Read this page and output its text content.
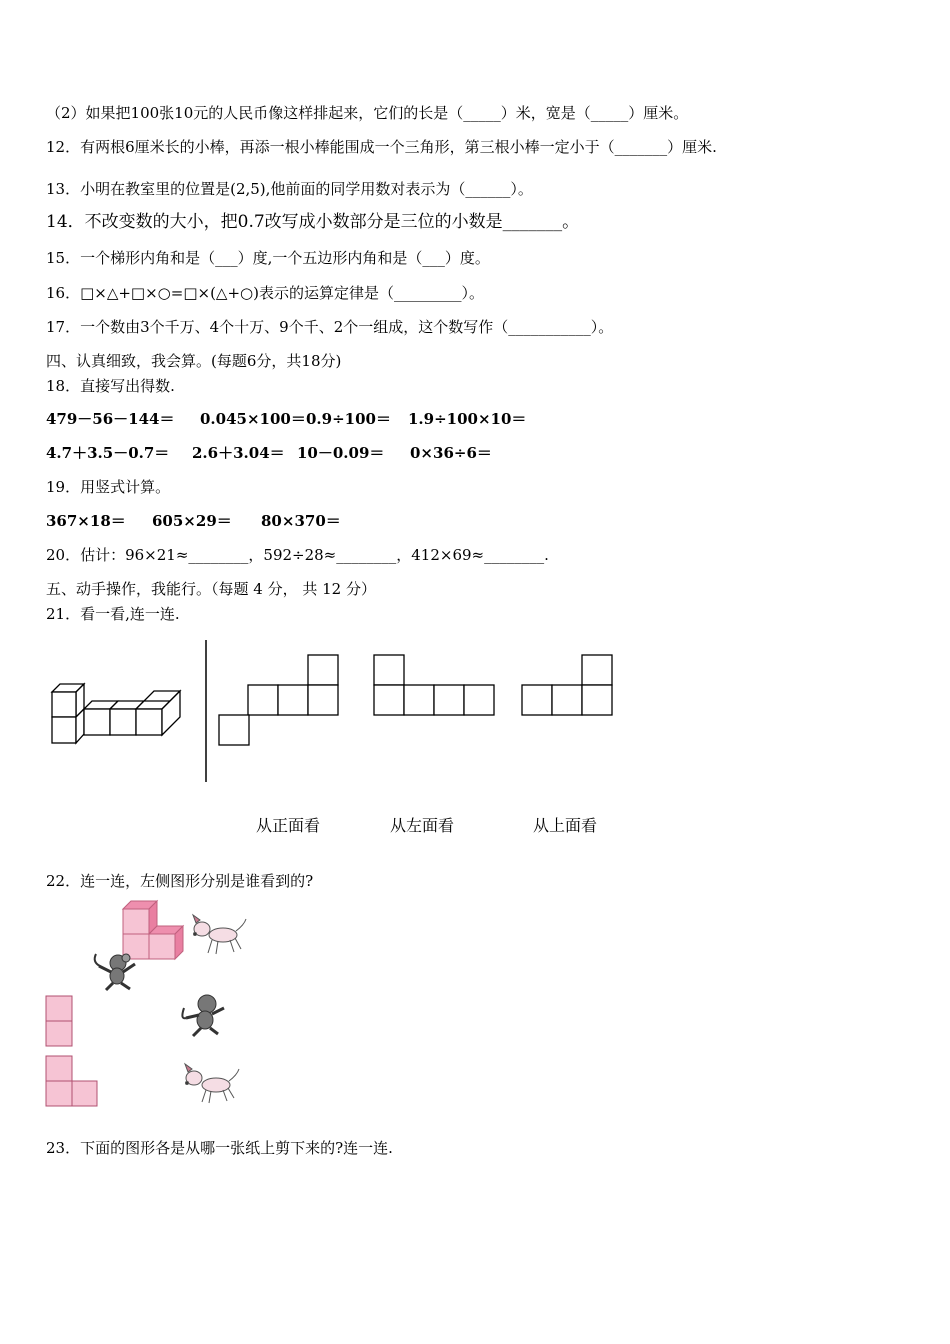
（2）如果把100张10元的人民币像这样排起来，它们的长是（_____）米，宽是（_____）厘米。
12．有两根6厘米长的小棒，再添一根小棒能围成一个三角形，第三根小棒一定小于（_______）厘米.
13．小明在教室里的位置是(2,5),他前面的同学用数对表示为（______）。
14．不改变数的大小，把0.7改写成小数部分是三位的小数是_______。
15．一个梯形内角和是（___）度,一个五边形内角和是（___）度。
16．□×△+□×○=□×(△+○)表示的运算定律是（_________）。
17．一个数由3个千万、4个十万、9个千、2个一组成，这个数写作（___________）。
四、认真细致，我会算。(每题6分，共18分)
18．直接写出得数.
479－56－144＝ 0.045×100＝ 0.9÷100＝ 1.9÷100×10＝
4.7＋3.5－0.7＝ 2.6＋3.04＝ 10－0.09＝ 0×36÷6＝
19．用竖式计算。
367×18＝ 605×29＝ 80×370＝
20．估计：96×21≈________，592÷28≈________，412×69≈________.
五、动手操作，我能行。（每题 4 分， 共 12 分）
21．看一看,连一连.
从正面看	从左面看	从上面看
22．连一连，左侧图形分别是谁看到的?
23．下面的图形各是从哪一张纸上剪下来的?连一连.
